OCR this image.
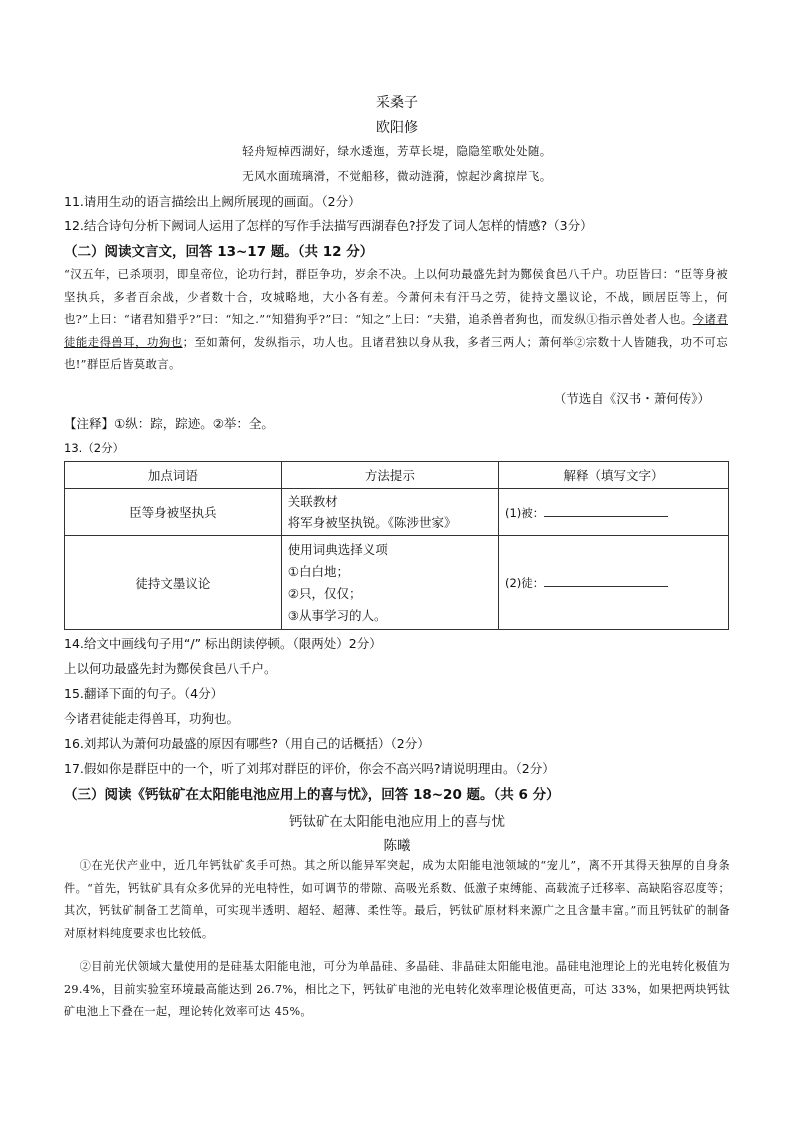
采桑子
欧阳修
轻舟短棹西湖好，绿水逶迤，芳草长堤，隐隐笙歌处处随。
无风水面琉璃滑，不觉船移，微动涟漪，惊起沙禽掠岸飞。
11.请用生动的语言描绘出上阙所展现的画面。（2分）
12.结合诗句分析下阙词人运用了怎样的写作手法描写西湖春色?抒发了词人怎样的情感?（3分）
（二）阅读文言文，回答 13~17 题。（共 12 分）
“汉五年，已杀项羽，即皇帝位，论功行封，群臣争功，岁余不决。上以何功最盛先封为酂侯食邑八千户。功臣皆曰：“臣等身被坚执兵，多者百余战，少者数十合，攻城略地，大小各有差。今萧何未有汗马之劳，徒持文墨议论，不战，顾居臣等上，何也?”上曰：“诸君知猎乎?”曰：“知之.”“知猎狗乎?”曰：“知之”上曰：“夫猎，追杀兽者狗也，而发纵①指示兽处者人也。今诸君徒能走得兽耳，功狗也；至如萧何，发纵指示，功人也。且诸君独以身从我，多者三两人；萧何举②宗数十人皆随我，功不可忘也!”群臣后皆莫敢言。
（节选自《汉书・萧何传》）
【注释】①纵：踪，踪迹。②举：全。
13.（2分）
加点词语	方法提示	解释（填写文字）
臣等身被坚执兵	关联教材
将军身被坚执锐。《陈涉世家》	(1)被：
徒持文墨议论	使用词典选择义项
①白白地；
②只，仅仅；
③从事学习的人。	(2)徒：
14.给文中画线句子用“/” 标出朗读停顿。（限两处）2分）
上以何功最盛先封为酂侯食邑八千户。
15.翻译下面的句子。（4分）
今诸君徒能走得兽耳，功狗也。
16.刘邦认为萧何功最盛的原因有哪些?（用自己的话概括）（2分）
17.假如你是群臣中的一个，听了刘邦对群臣的评价，你会不高兴吗?请说明理由。（2分）
（三）阅读《钙钛矿在太阳能电池应用上的喜与忧》，回答 18~20 题。（共 6 分）
钙钛矿在太阳能电池应用上的喜与忧
陈曦
①在光伏产业中，近几年钙钛矿炙手可热。其之所以能异军突起，成为太阳能电池领域的“宠儿”，离不开其得天独厚的自身条件。“首先，钙钛矿具有众多优异的光电特性，如可调节的带隙、高吸光系数、低激子束缚能、高载流子迁移率、高缺陷容忍度等；其次，钙钛矿制备工艺简单，可实现半透明、超轻、超薄、柔性等。最后，钙钛矿原材料来源广之且含量丰富。”而且钙钛矿的制备对原材料纯度要求也比较低。
②目前光伏领域大量使用的是硅基太阳能电池，可分为单晶硅、多晶硅、非晶硅太阳能电池。晶硅电池理论上的光电转化极值为 29.4%，目前实验室环境最高能达到 26.7%，相比之下，钙钛矿电池的光电转化效率理论极值更高，可达 33%，如果把两块钙钛矿电池上下叠在一起，理论转化效率可达 45%。
